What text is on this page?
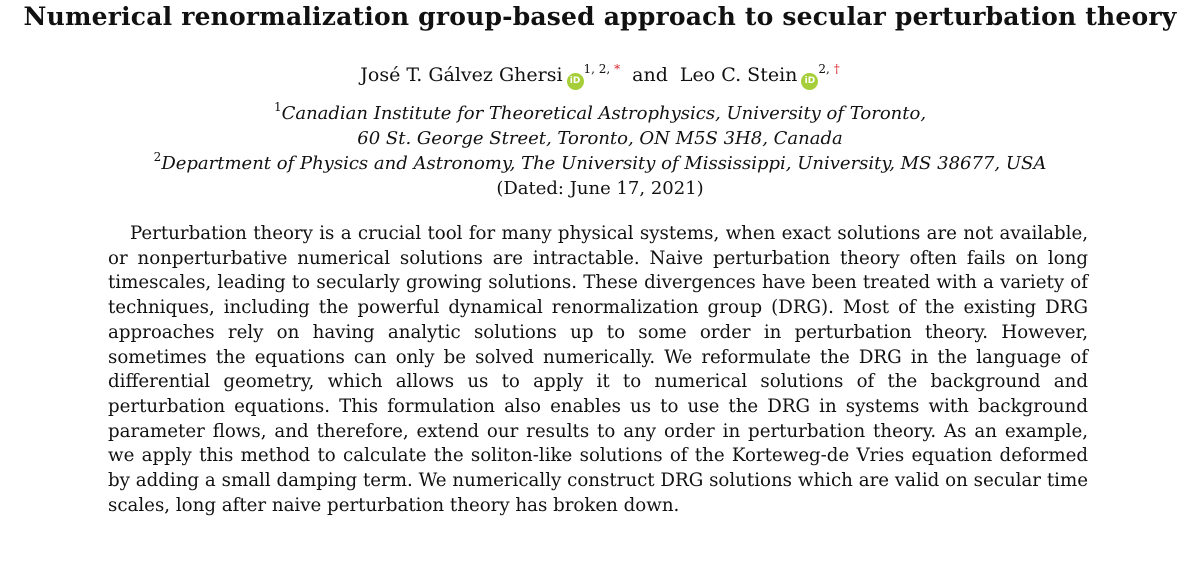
Numerical renormalization group-based approach to secular perturbation theory
José T. Gálvez Ghersi $iD^{1, 2, *}$ and Leo C. Stein $iD^{2, \dagger}$
$^1$Canadian Institute for Theoretical Astrophysics, University of Toronto,
60 St. George Street, Toronto, ON M5S 3H8, Canada
$^2$Department of Physics and Astronomy, The University of Mississippi, University, MS 38677, USA
(Dated: June 17, 2021)

Perturbation theory is a crucial tool for many physical systems, when exact solutions are not available, or nonperturbative numerical solutions are intractable. Naive perturbation theory often fails on long timescales, leading to secularly growing solutions. These divergences have been treated with a variety of techniques, including the powerful dynamical renormalization group (DRG). Most of the existing DRG approaches rely on having analytic solutions up to some order in perturbation theory. However, sometimes the equations can only be solved numerically. We reformulate the DRG in the language of differential geometry, which allows us to apply it to numerical solutions of the background and perturbation equations. This formulation also enables us to use the DRG in systems with background parameter flows, and therefore, extend our results to any order in perturbation theory. As an example, we apply this method to calculate the soliton-like solutions of the Korteweg-de Vries equation deformed by adding a small damping term. We numerically construct DRG solutions which are valid on secular time scales, long after naive perturbation theory has broken down.
